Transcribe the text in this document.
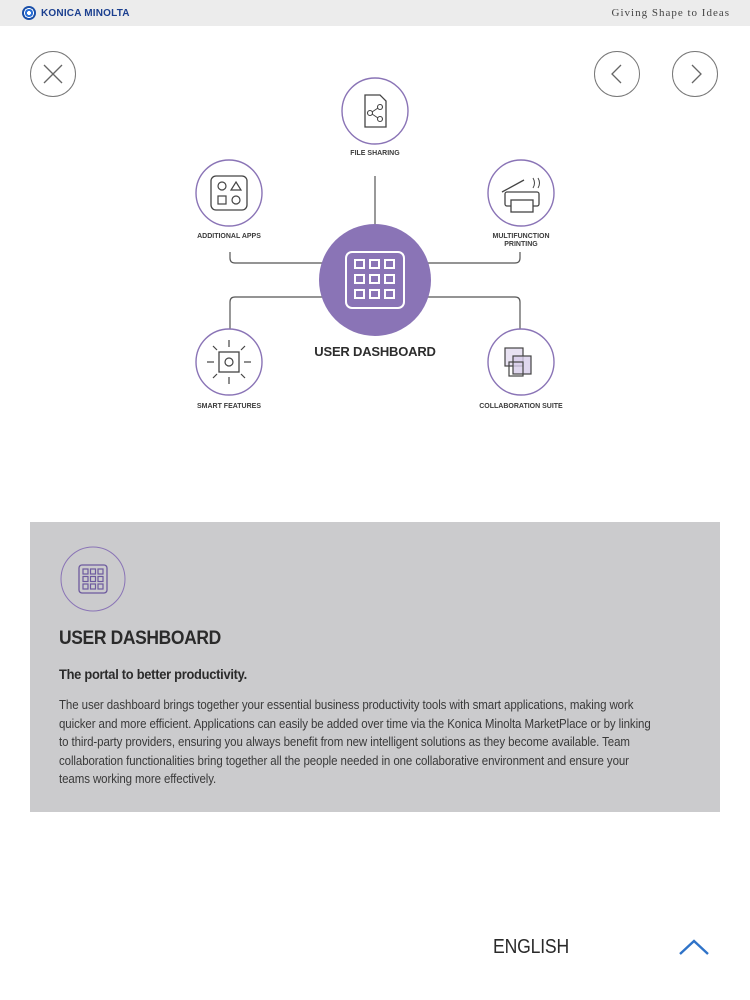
KONICA MINOLTA	Giving Shape to Ideas
FILE SHARING
ADDITIONAL APPS	MULTIFUNCTION
PRINTING
SMART FEATURES	COLLABORATION SUITE
USER DASHBOARD
USER DASHBOARD
The portal to better productivity.
The user dashboard brings together your essential business productivity tools with smart applications, making work
quicker and more efficient. Applications can easily be added over time via the Konica Minolta MarketPlace or by linking
to third-party providers, ensuring you always benefit from new intelligent solutions as they become available. Team
collaboration functionalities bring together all the people needed in one collaborative environment and ensure your
teams working more effectively.
ENGLISH
